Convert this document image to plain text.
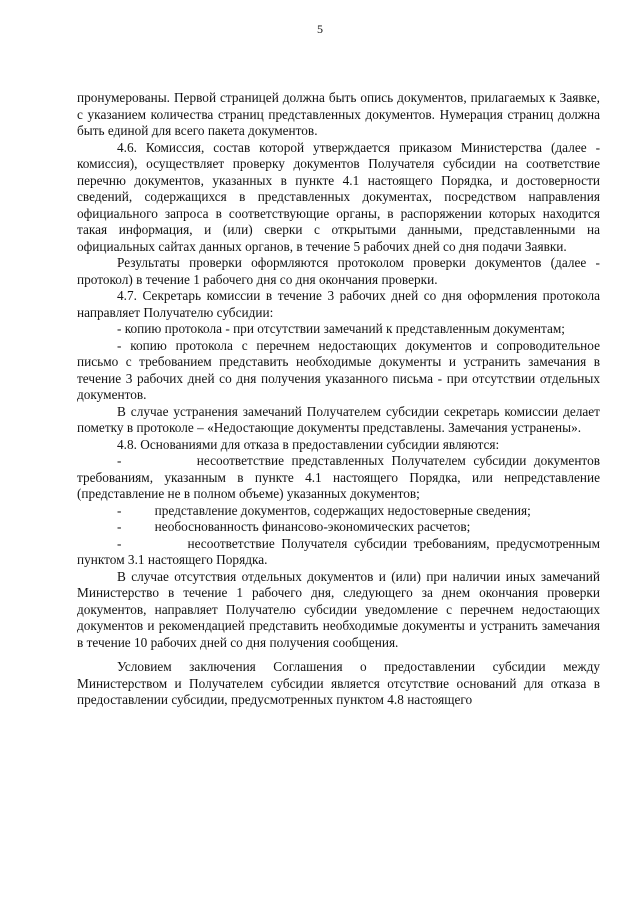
5

пронумерованы. Первой страницей должна быть опись документов, прилагаемых к Заявке, с указанием количества страниц представленных документов. Нумерация страниц должна быть единой для всего пакета документов.

4.6. Комиссия, состав которой утверждается приказом Министерства (далее - комиссия), осуществляет проверку документов Получателя субсидии на соответствие перечню документов, указанных в пункте 4.1 настоящего Порядка, и достоверности сведений, содержащихся в представленных документах, посредством направления официального запроса в соответствующие органы, в распоряжении которых находится такая информация, и (или) сверки с открытыми данными, представленными на официальных сайтах данных органов, в течение 5 рабочих дней со дня подачи Заявки.

Результаты проверки оформляются протоколом проверки документов (далее - протокол) в течение 1 рабочего дня со дня окончания проверки.

4.7. Секретарь комиссии в течение 3 рабочих дней со дня оформления протокола направляет Получателю субсидии:

- копию протокола - при отсутствии замечаний к представленным документам;

- копию протокола с перечнем недостающих документов и сопроводительное письмо с требованием представить необходимые документы и устранить замечания в течение 3 рабочих дней со дня получения указанного письма - при отсутствии отдельных документов.

В случае устранения замечаний Получателем субсидии секретарь комиссии делает пометку в протоколе – «Недостающие документы представлены. Замечания устранены».

4.8. Основаниями для отказа в предоставлении субсидии являются:

-          несоответствие представленных Получателем субсидии документов требованиям, указанным в пункте 4.1 настоящего Порядка, или непредставление (представление не в полном объеме) указанных документов;

-          представление документов, содержащих недостоверные сведения;

-          необоснованность финансово-экономических расчетов;

-          несоответствие Получателя субсидии требованиям, предусмотренным пунктом 3.1 настоящего Порядка.

В случае отсутствия отдельных документов и (или) при наличии иных замечаний Министерство в течение 1 рабочего дня, следующего за днем окончания проверки документов, направляет Получателю субсидии уведомление с перечнем недостающих документов и рекомендацией представить необходимые документы и устранить замечания в течение 10 рабочих дней со дня получения сообщения.

Условием заключения Соглашения о предоставлении субсидии между Министерством и Получателем субсидии является отсутствие оснований для отказа в предоставлении субсидии, предусмотренных пунктом 4.8 настоящего
